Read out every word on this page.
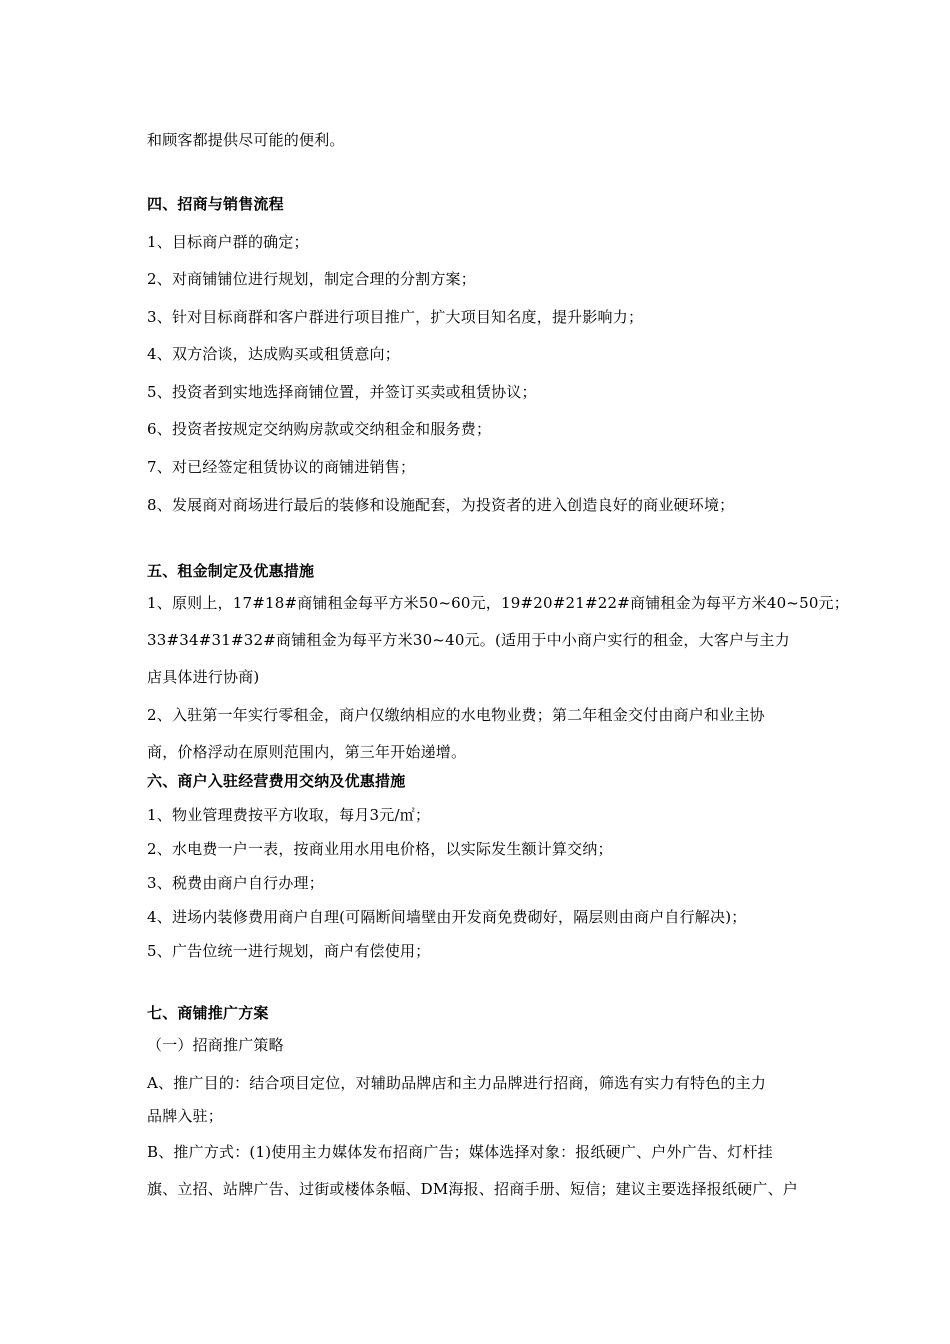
和顾客都提供尽可能的便利。
四、招商与销售流程
1、目标商户群的确定；
2、对商铺铺位进行规划，制定合理的分割方案；
3、针对目标商群和客户群进行项目推广，扩大项目知名度，提升影响力；
4、双方洽谈，达成购买或租赁意向；
5、投资者到实地选择商铺位置，并签订买卖或租赁协议；
6、投资者按规定交纳购房款或交纳租金和服务费；
7、对已经签定租赁协议的商铺进销售；
8、发展商对商场进行最后的装修和设施配套，为投资者的进入创造良好的商业硬环境；
五、租金制定及优惠措施
1、原则上，17#18#商铺租金每平方米50~60元，19#20#21#22#商铺租金为每平方米40~50元；
33#34#31#32#商铺租金为每平方米30~40元。(适用于中小商户实行的租金，大客户与主力
店具体进行协商)
2、入驻第一年实行零租金，商户仅缴纳相应的水电物业费；第二年租金交付由商户和业主协
商，价格浮动在原则范围内，第三年开始递增。
六、商户入驻经营费用交纳及优惠措施
1、物业管理费按平方收取，每月3元/㎡；
2、水电费一户一表，按商业用水用电价格，以实际发生额计算交纳；
3、税费由商户自行办理；
4、进场内装修费用商户自理(可隔断间墙壁由开发商免费砌好，隔层则由商户自行解决)；
5、广告位统一进行规划，商户有偿使用；
七、商铺推广方案
（一）招商推广策略
A、推广目的：结合项目定位，对辅助品牌店和主力品牌进行招商，筛选有实力有特色的主力
品牌入驻；
B、推广方式：(1)使用主力媒体发布招商广告；媒体选择对象：报纸硬广、户外广告、灯杆挂
旗、立招、站牌广告、过街或楼体条幅、DM海报、招商手册、短信；建议主要选择报纸硬广、户
